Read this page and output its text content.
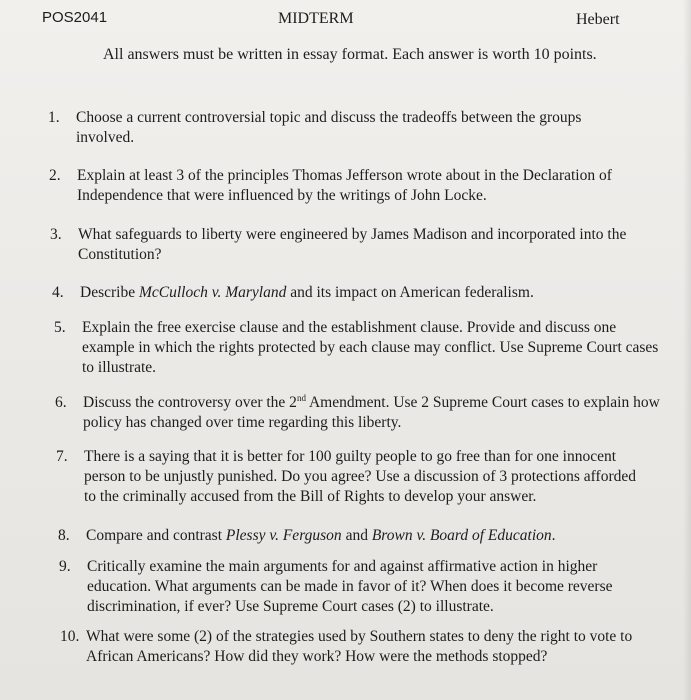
POS2041	MIDTERM	Hebert
All answers must be written in essay format. Each answer is worth 10 points.
1. Choose a current controversial topic and discuss the tradeoffs between the groups involved.
2. Explain at least 3 of the principles Thomas Jefferson wrote about in the Declaration of Independence that were influenced by the writings of John Locke.
3. What safeguards to liberty were engineered by James Madison and incorporated into the Constitution?
4. Describe McCulloch v. Maryland and its impact on American federalism.
5. Explain the free exercise clause and the establishment clause. Provide and discuss one example in which the rights protected by each clause may conflict. Use Supreme Court cases to illustrate.
6. Discuss the controversy over the 2nd Amendment. Use 2 Supreme Court cases to explain how policy has changed over time regarding this liberty.
7. There is a saying that it is better for 100 guilty people to go free than for one innocent person to be unjustly punished. Do you agree? Use a discussion of 3 protections afforded to the criminally accused from the Bill of Rights to develop your answer.
8. Compare and contrast Plessy v. Ferguson and Brown v. Board of Education.
9. Critically examine the main arguments for and against affirmative action in higher education. What arguments can be made in favor of it? When does it become reverse discrimination, if ever? Use Supreme Court cases (2) to illustrate.
10. What were some (2) of the strategies used by Southern states to deny the right to vote to African Americans? How did they work? How were the methods stopped?
